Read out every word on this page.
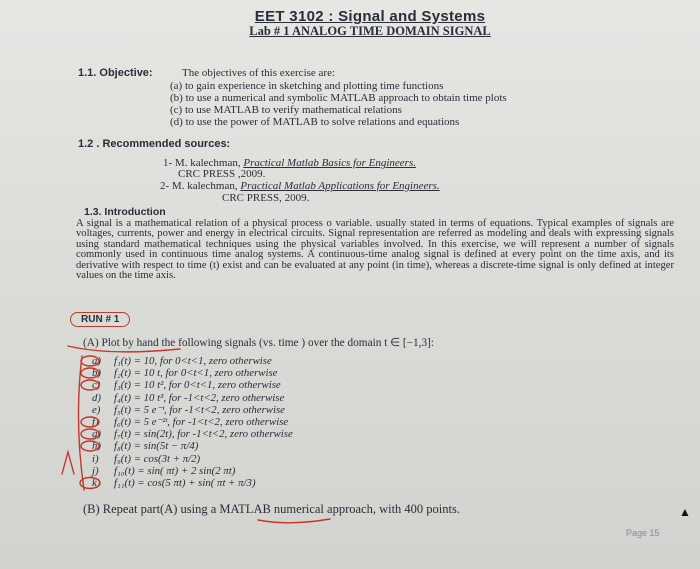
EET 3102 : Signal and Systems
Lab # 1 ANALOG TIME DOMAIN SIGNAL
1.1. Objective:	The objectives of this exercise are:
(a) to gain experience in sketching and plotting time functions
(b) to use a numerical and symbolic MATLAB approach to obtain time plots
(c) to use MATLAB to verify mathematical relations
(d) to use the power of MATLAB to solve relations and equations
1.2 . Recommended sources:
1- M. kalechman, Practical Matlab Basics for Engineers.
CRC PRESS ,2009.
2- M. kalechman, Practical Matlab Applications for Engineers.
CRC PRESS, 2009.
1.3. Introduction
A signal is a mathematical relation of a physical process o variable. usually stated in terms of equations. Typical examples of signals are voltages, currents, power and energy in electrical circuits. Signal representation are referred as modeling and deals with expressing signals using standard mathematical techniques using the physical variables involved. In this exercise, we will represent a number of signals commonly used in continuous time analog systems. A continuous-time analog signal is defined at every point on the time axis, and its derivative with respect to time (t) exist and can be evaluated at any point (in time), whereas a discrete-time signal is only defined at integer values on the time axis.
RUN # 1
(A) Plot by hand the following signals (vs. time ) over the domain t ∈ [−1,3]:
a)	f₁(t) = 10, for 0<t<1, zero otherwise
b)	f₂(t) = 10 t, for 0<t<1, zero otherwise
c)	f₃(t) = 10 t², for 0<t<1, zero otherwise
d)	f₄(t) = 10 t³, for -1<t<2, zero otherwise
e)	f₅(t) = 5 e⁻ᵗ, for -1<t<2, zero otherwise
f)	f₆(t) = 5 e⁻²ᵗ, for -1<t<2, zero otherwise
g)	f₇(t) = sin(2t), for -1<t<2, zero otherwise
h)	f₈(t) = sin(5t − π/4)
i)	f₉(t) = cos(3t + π/2)
j)	f₁₀(t) = sin( πt) + 2 sin(2 πt)
k)	f₁₁(t) = cos(5 πt) + sin( πt + π/3)
(B) Repeat part(A) using a MATLAB numerical approach, with 400 points.
Page 15
▲
